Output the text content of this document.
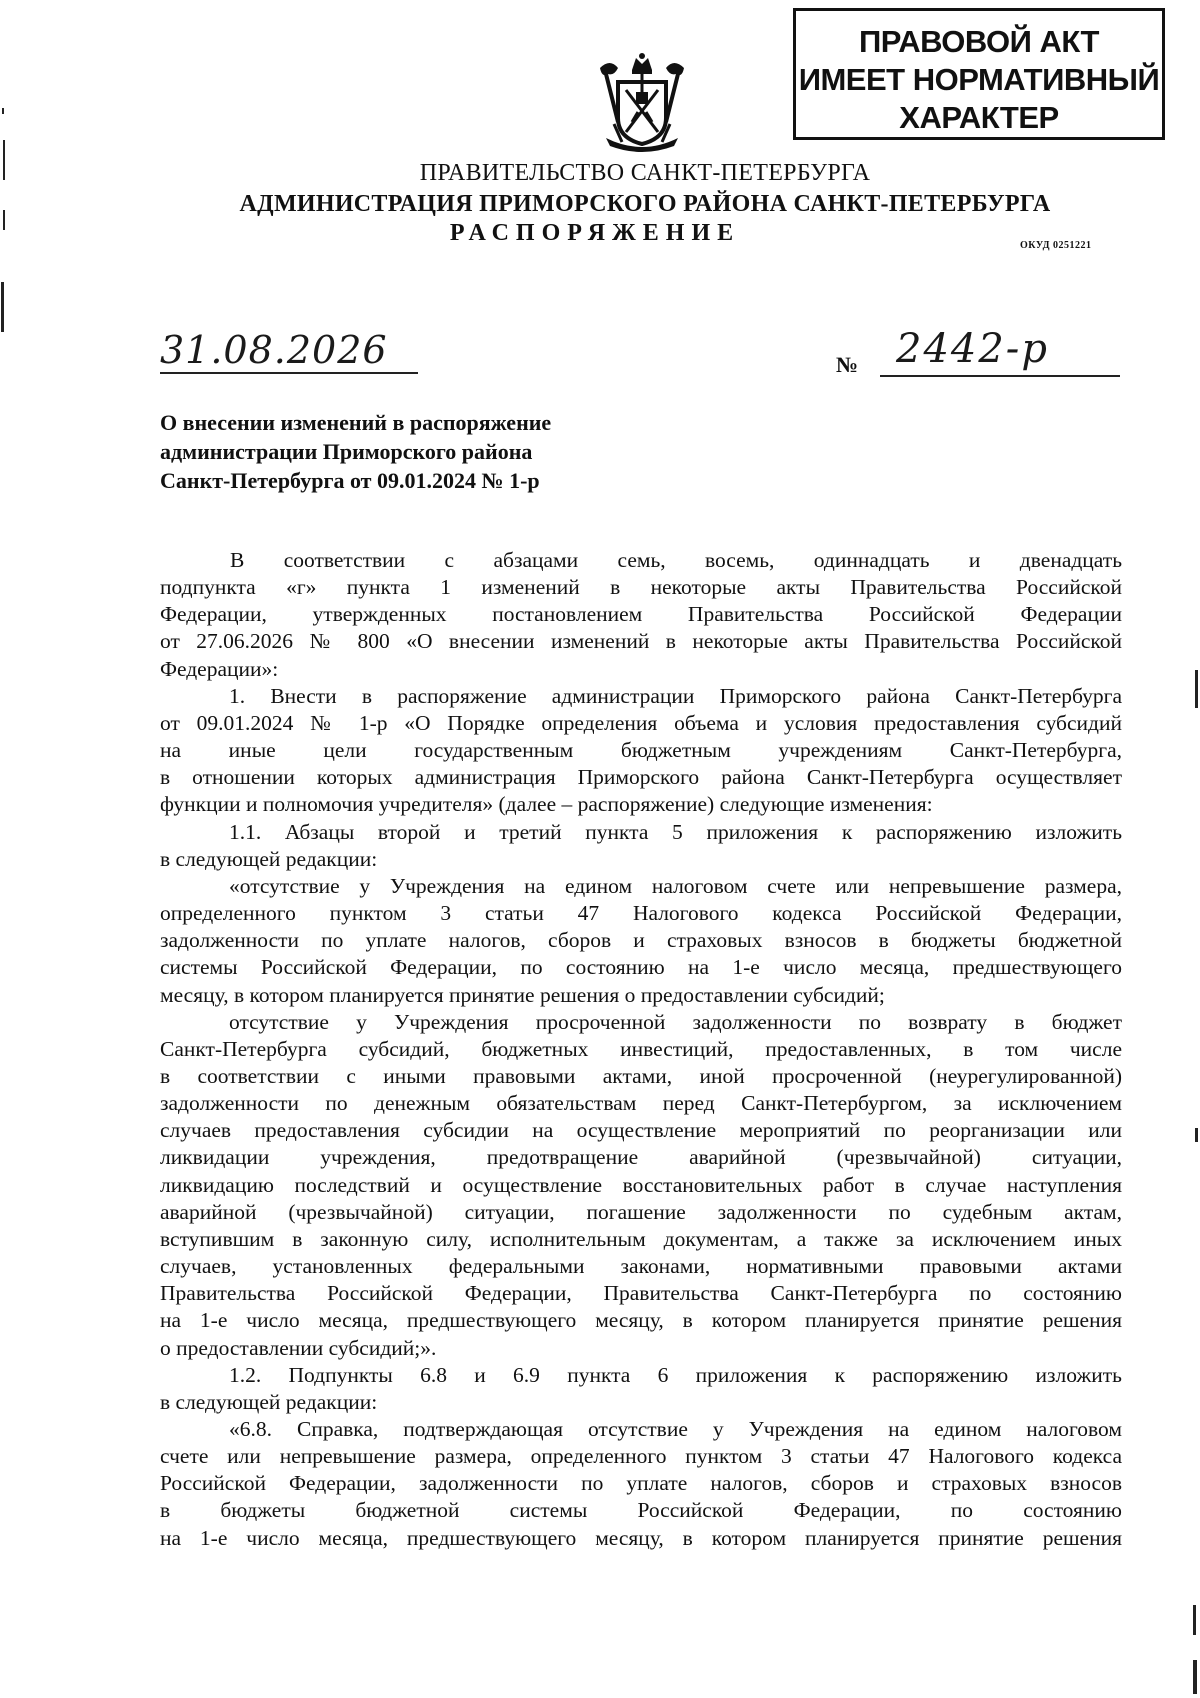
ПРАВОВОЙ АКТ
ИМЕЕТ НОРМАТИВНЫЙ
ХАРАКТЕР
ПРАВИТЕЛЬСТВО САНКТ-ПЕТЕРБУРГА
АДМИНИСТРАЦИЯ ПРИМОРСКОГО РАЙОНА САНКТ-ПЕТЕРБУРГА
РАСПОРЯЖЕНИЕ	ОКУД 0251221
31.08.2026	№ 2442-р
О внесении изменений в распоряжение
администрации Приморского района
Санкт-Петербурга от 09.01.2024 № 1-р
В соответствии с абзацами семь, восемь, одиннадцать и двенадцать
подпункта «г» пункта 1 изменений в некоторые акты Правительства Российской
Федерации, утвержденных постановлением Правительства Российской Федерации
от 27.06.2026 № 800 «О внесении изменений в некоторые акты Правительства Российской
Федерации»:
1. Внести в распоряжение администрации Приморского района Санкт-Петербурга
от 09.01.2024 № 1-р «О Порядке определения объема и условия предоставления субсидий
на иные цели государственным бюджетным учреждениям Санкт-Петербурга,
в отношении которых администрация Приморского района Санкт-Петербурга осуществляет
функции и полномочия учредителя» (далее – распоряжение) следующие изменения:
1.1. Абзацы второй и третий пункта 5 приложения к распоряжению изложить
в следующей редакции:
«отсутствие у Учреждения на едином налоговом счете или непревышение размера,
определенного пунктом 3 статьи 47 Налогового кодекса Российской Федерации,
задолженности по уплате налогов, сборов и страховых взносов в бюджеты бюджетной
системы Российской Федерации, по состоянию на 1-е число месяца, предшествующего
месяцу, в котором планируется принятие решения о предоставлении субсидий;
отсутствие у Учреждения просроченной задолженности по возврату в бюджет
Санкт-Петербурга субсидий, бюджетных инвестиций, предоставленных, в том числе
в соответствии с иными правовыми актами, иной просроченной (неурегулированной)
задолженности по денежным обязательствам перед Санкт-Петербургом, за исключением
случаев предоставления субсидии на осуществление мероприятий по реорганизации или
ликвидации учреждения, предотвращение аварийной (чрезвычайной) ситуации,
ликвидацию последствий и осуществление восстановительных работ в случае наступления
аварийной (чрезвычайной) ситуации, погашение задолженности по судебным актам,
вступившим в законную силу, исполнительным документам, а также за исключением иных
случаев, установленных федеральными законами, нормативными правовыми актами
Правительства Российской Федерации, Правительства Санкт-Петербурга по состоянию
на 1-е число месяца, предшествующего месяцу, в котором планируется принятие решения
о предоставлении субсидий;».
1.2. Подпункты 6.8 и 6.9 пункта 6 приложения к распоряжению изложить
в следующей редакции:
«6.8. Справка, подтверждающая отсутствие у Учреждения на едином налоговом
счете или непревышение размера, определенного пунктом 3 статьи 47 Налогового кодекса
Российской Федерации, задолженности по уплате налогов, сборов и страховых взносов
в бюджеты бюджетной системы Российской Федерации, по состоянию
на 1-е число месяца, предшествующего месяцу, в котором планируется принятие решения
